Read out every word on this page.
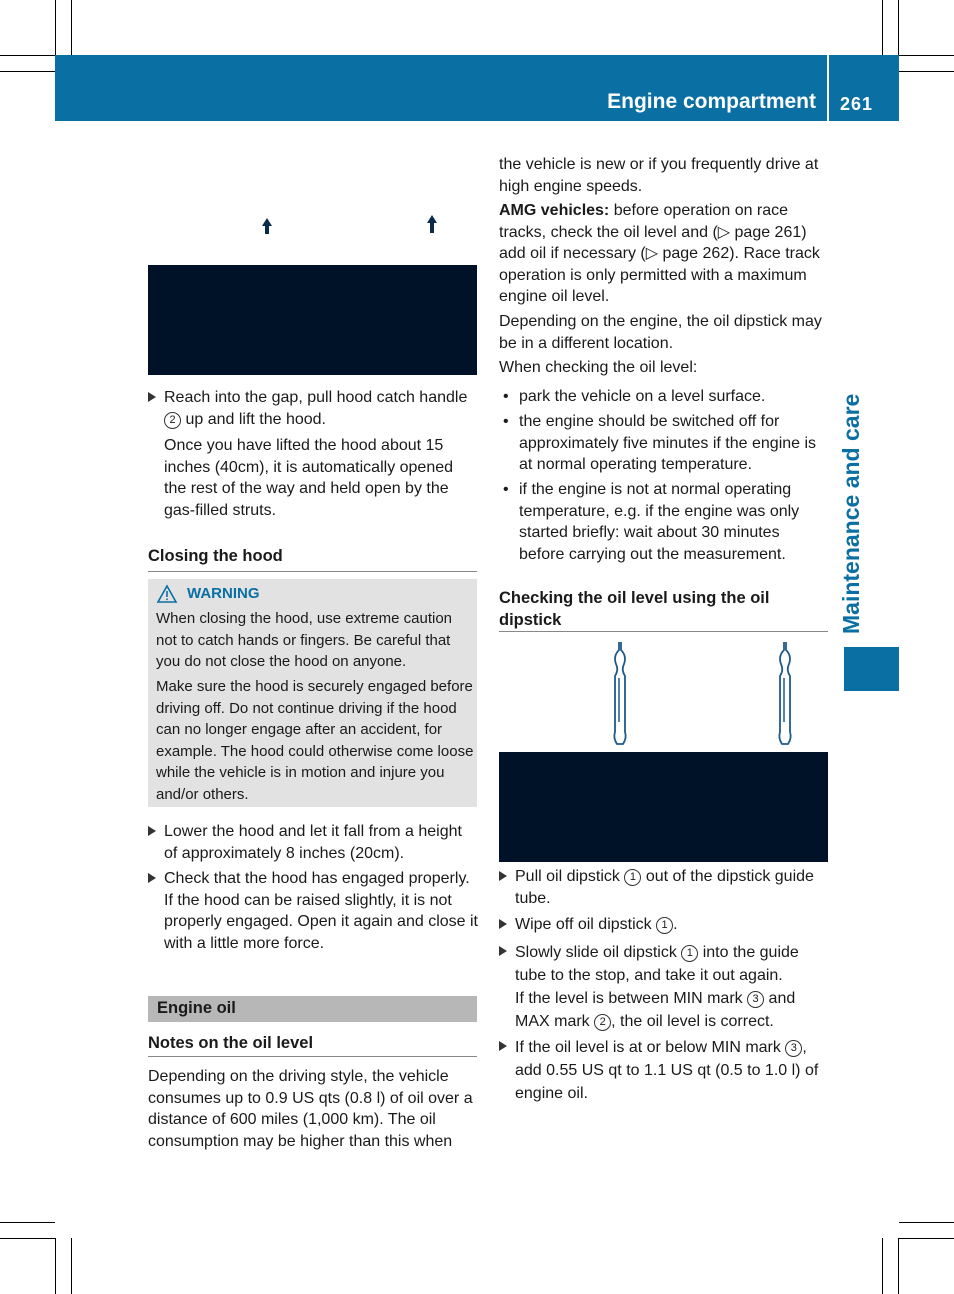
Engine compartment 261
Maintenance and care
Reach into the gap, pull hood catch handle 2 up and lift the hood.

Once you have lifted the hood about 15 inches (40cm), it is automatically opened the rest of the way and held open by the gas-filled struts.

Closing the hood

When closing the hood, use extreme caution not to catch hands or fingers. Be careful that you do not close the hood on anyone.

Make sure the hood is securely engaged before driving off. Do not continue driving if the hood can no longer engage after an accident, for example. The hood could otherwise come loose while the vehicle is in motion and injure you and/or others.

WARNING
Lower the hood and let it fall from a height of approximately 8 inches (20cm).
Check that the hood has engaged properly. If the hood can be raised slightly, it is not properly engaged. Open it again and close it with a little more force.
Engine oil
Notes on the oil level

Depending on the driving style, the vehicle consumes up to 0.9 US qts (0.8 l) of oil over a distance of 600 miles (1,000 km). The oil consumption may be higher than this when

the vehicle is new or if you frequently drive at high engine speeds.

AMG vehicles: before operation on race tracks, check the oil level and (▷ page 261) add oil if necessary (▷ page 262). Race track operation is only permitted with a maximum engine oil level.

Depending on the engine, the oil dipstick may be in a different location.

When checking the oil level:

• park the vehicle on a level surface.
• the engine should be switched off for approximately five minutes if the engine is at normal operating temperature.
• if the engine is not at normal operating temperature, e.g. if the engine was only started briefly: wait about 30 minutes before carrying out the measurement.
Checking the oil level using the oil dipstick
Pull oil dipstick 1 out of the dipstick guide tube.
Wipe off oil dipstick 1 .
Slowly slide oil dipstick 1 into the guide tube to the stop, and take it out again.
If the level is between MIN mark 3 and MAX mark 2 , the oil level is correct.
If the oil level is at or below MIN mark 3 , add 0.55 US qt to 1.1 US qt (0.5 to 1.0 l) of engine oil.
